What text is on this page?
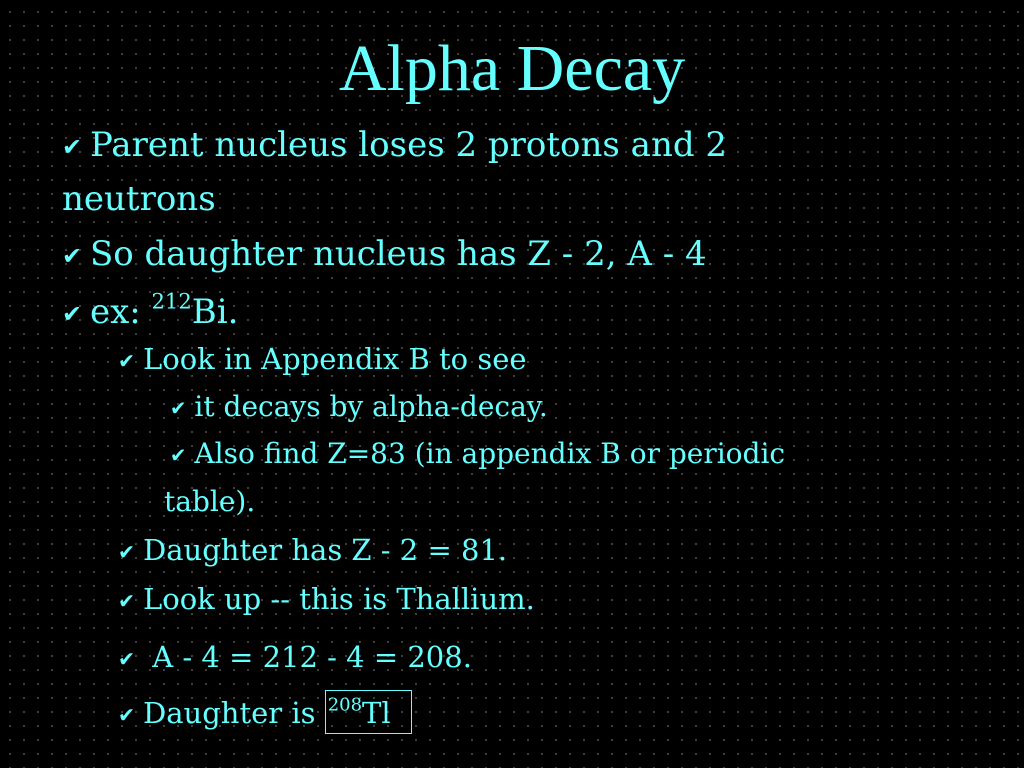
Alpha Decay
✔ Parent nucleus loses 2 protons and 2
neutrons
✔ So daughter nucleus has Z - 2, A - 4
✔ ex: $^{212}$Bi.
✔ Look in Appendix B to see
✔ it decays by alpha-decay.
✔ Also find Z=83 (in appendix B or periodic
table).
✔ Daughter has Z - 2 = 81.
✔ Look up -- this is Thallium.
✔ A - 4 = 212 - 4 = 208.
✔ Daughter is $^{208}$Tl
